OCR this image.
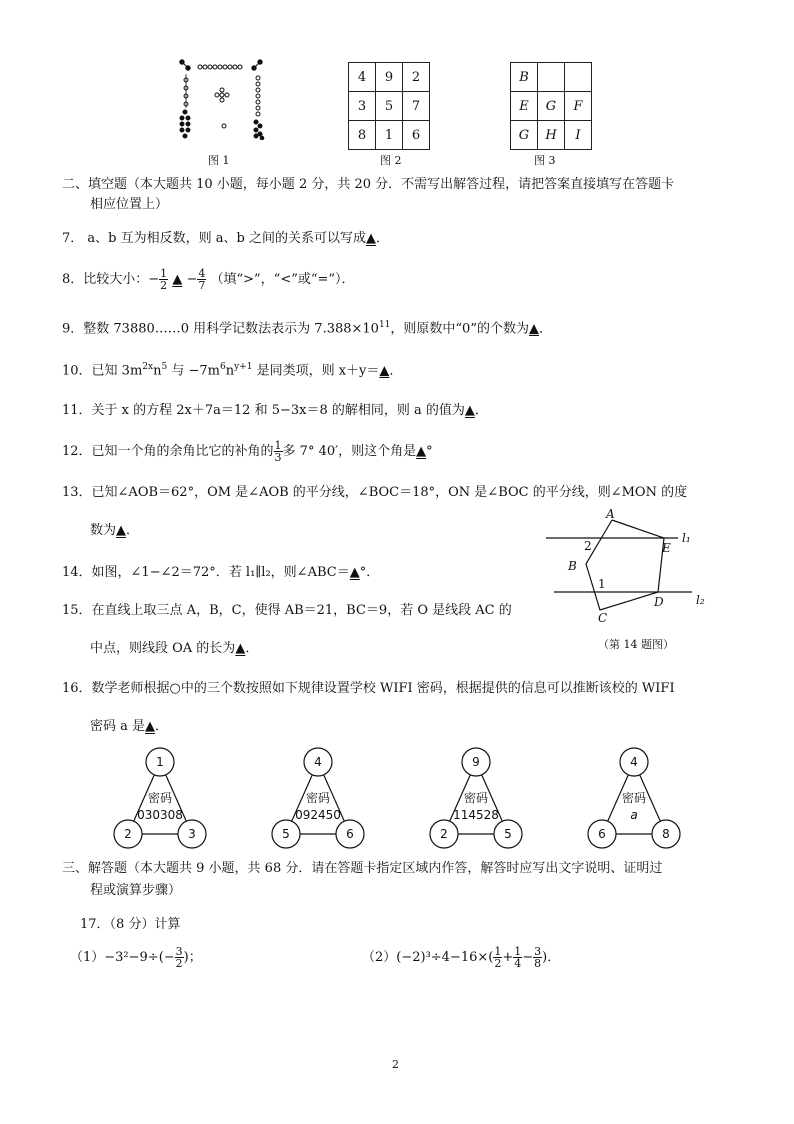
图 1
4	9	2
3	5	7
8	1	6
图 2
B		
E	G	F
G	H	I
图 3
二、填空题（本大题共 10 小题，每小题 2 分，共 20 分．不需写出解答过程，请把答案直接填写在答题卡
相应位置上）
7． a、b 互为相反数，则 a、b 之间的关系可以写成▲．
8．比较大小：− $\frac{1}{2}$ ▲ − $\frac{4}{7}$ （填“>”，“<”或“=”）．
9．整数 73880……0 用科学记数法表示为 $7.388\times 10^{11}$，则原数中“0”的个数为▲．
10．已知 $3m^{2x}n^5$ 与 $-7m^6n^{y+1}$ 是同类项，则 x＋y＝▲．
11．关于 x 的方程 2x＋7a＝12 和 5−3x＝8 的解相同，则 a 的值为▲．
12．已知一个角的余角比它的补角的 $\frac{1}{3}$ 多 7° 40′，则这个角是▲°
13．已知∠AOB＝62°，OM 是∠AOB 的平分线，∠BOC＝18°，ON 是∠BOC 的平分线，则∠MON 的度
数为▲．
14．如图，∠1−∠2＝72°．若 l₁∥l₂，则∠ABC＝▲°．
A
B
C
D
E
l₁
l₂
2
1
（第 14 题图）
15．在直线上取三点 A，B，C，使得 AB＝21，BC＝9，若 O 是线段 AC 的
中点，则线段 OA 的长为▲．
16．数学老师根据○中的三个数按照如下规律设置学校 WIFI 密码，根据提供的信息可以推断该校的 WIFI
密码 a 是▲．
1
2	3
密码
030308
4
5	6
密码
092450
9
2	5
密码
114528
4
6	8
密码
a
三、解答题（本大题共 9 小题，共 68 分．请在答题卡指定区域内作答，解答时应写出文字说明、证明过
程或演算步骤）
17．（8 分）计算
$(1)-3^2-9\div(- \frac{3}{2}$ )；	$(2)(-2)^3\div 4-16\times( \frac{1}{2} + \frac{1}{4} - \frac{3}{8}$ )．
2
